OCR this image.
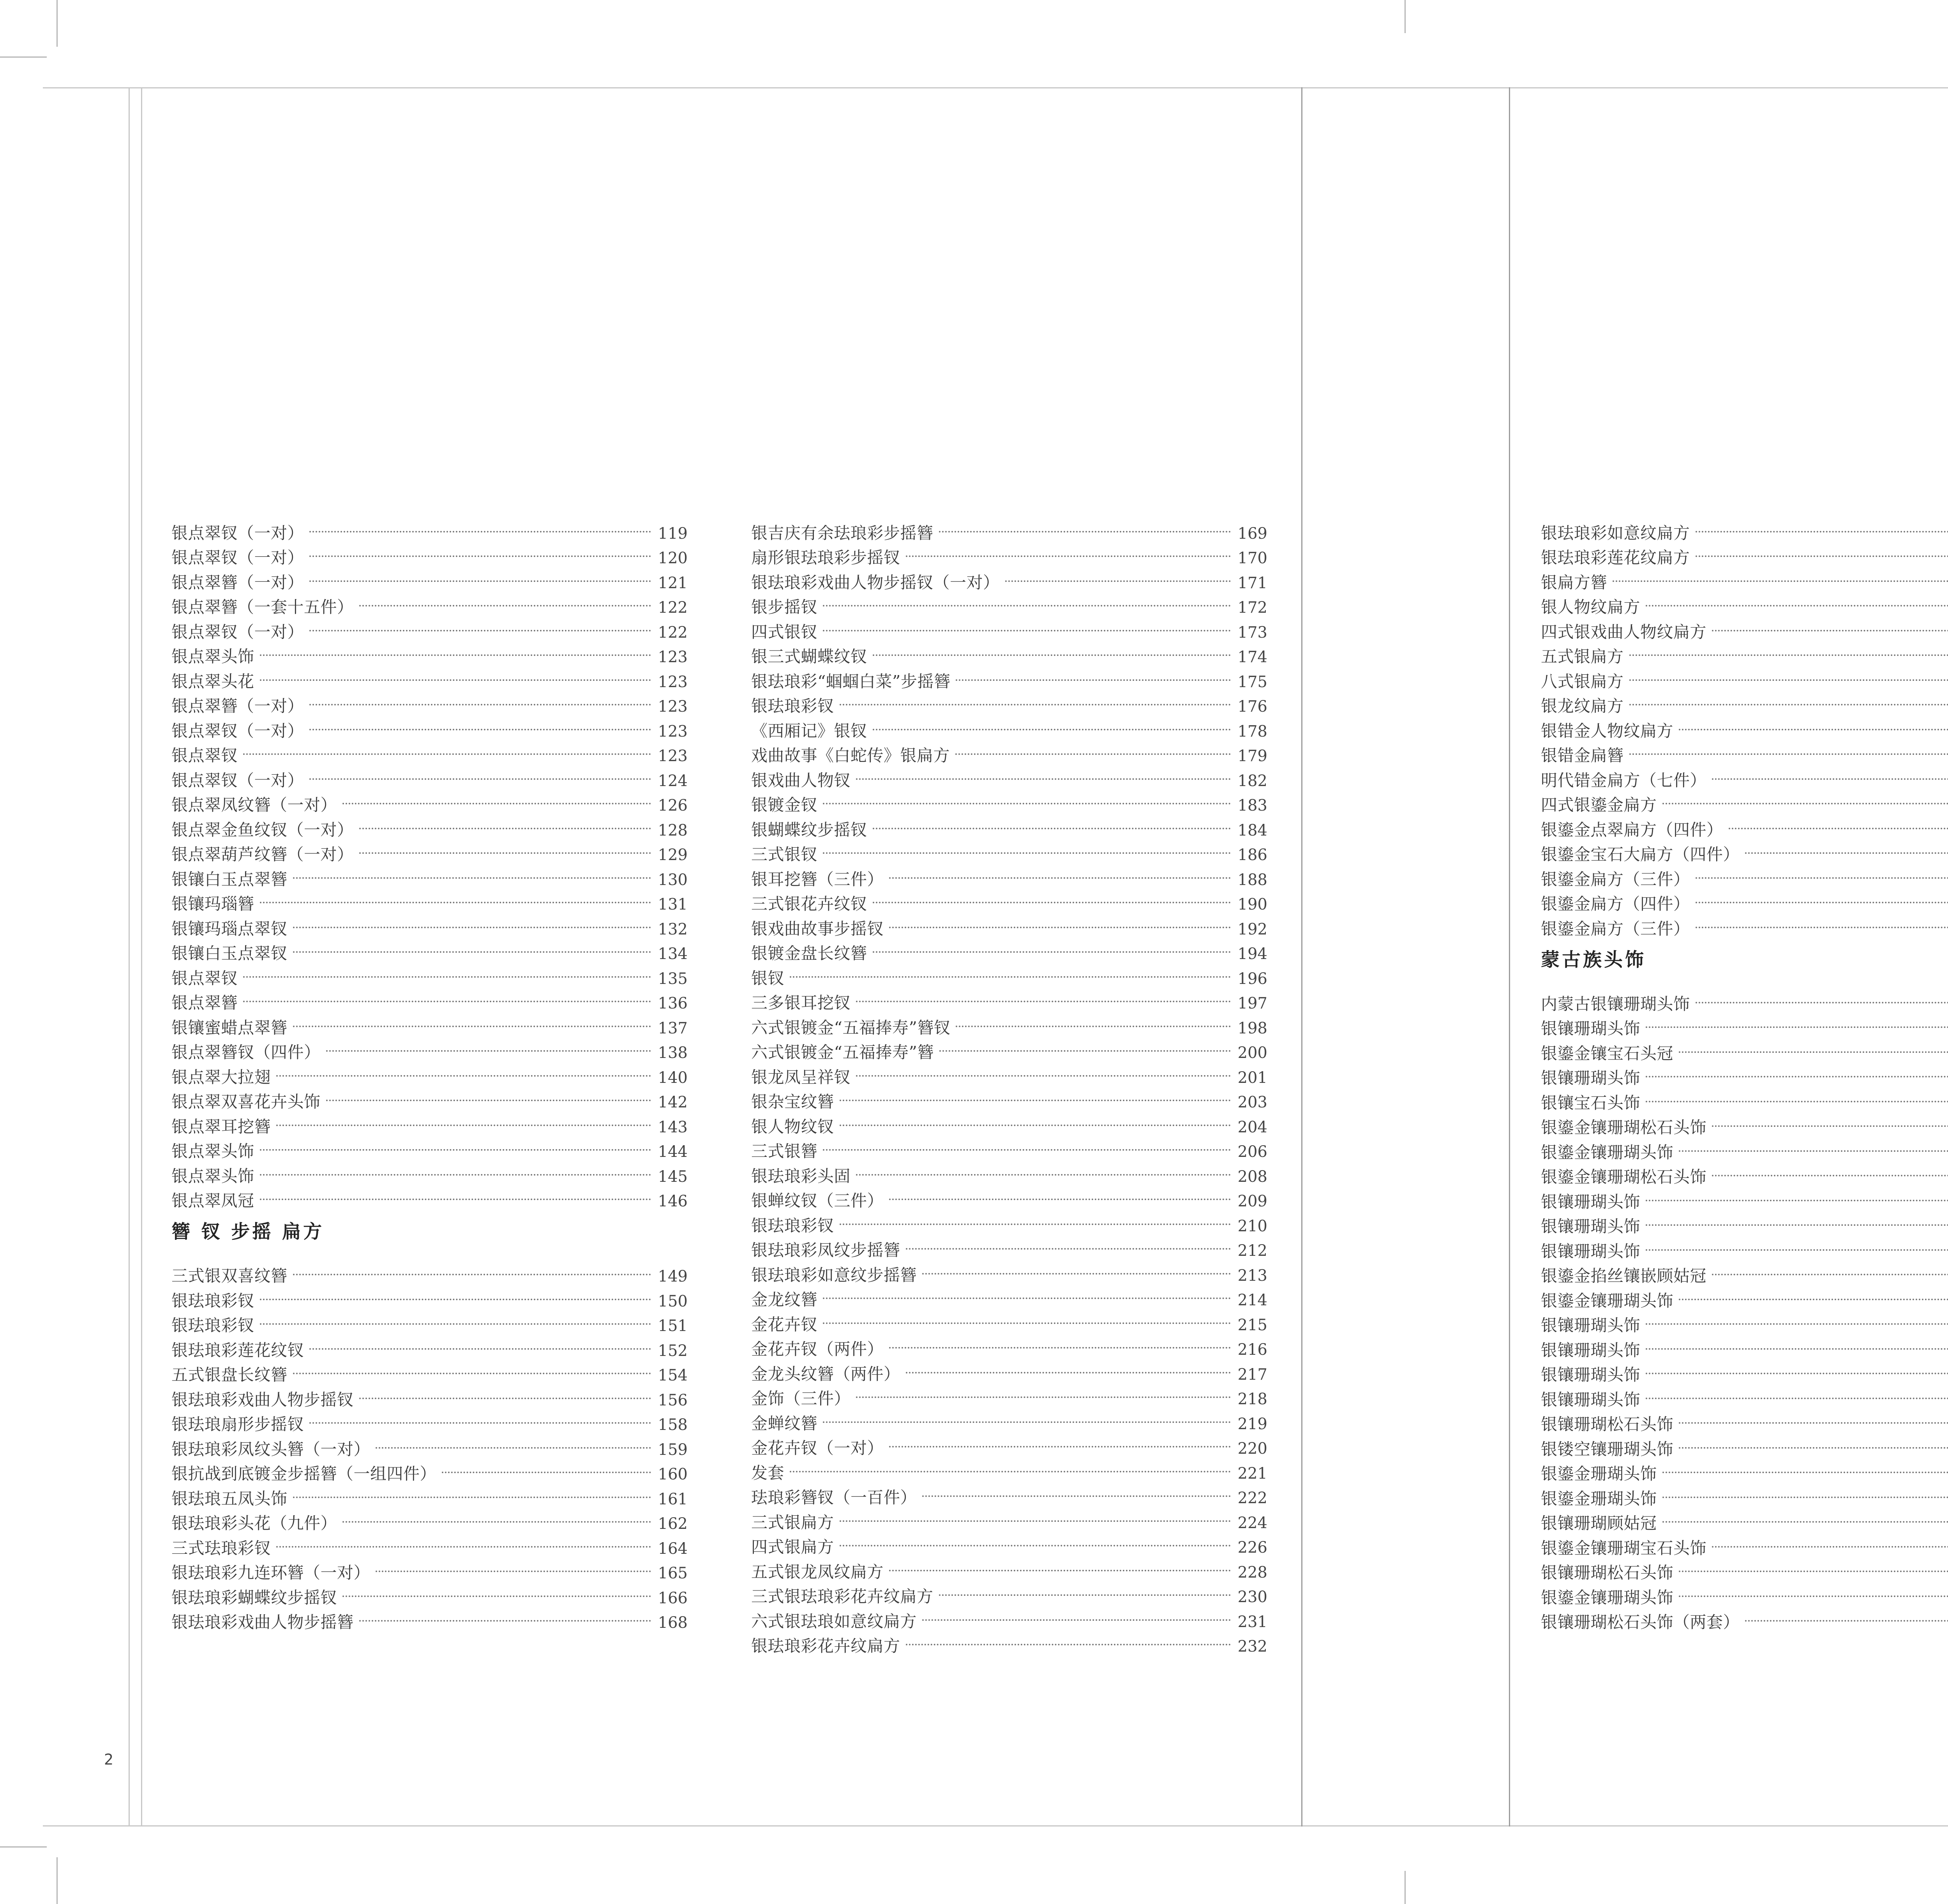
银点翠钗（一对）	119
银点翠钗（一对）	120
银点翠簪（一对）	121
银点翠簪（一套十五件）	122
银点翠钗（一对）	122
银点翠头饰	123
银点翠头花	123
银点翠簪（一对）	123
银点翠钗（一对）	123
银点翠钗	123
银点翠钗（一对）	124
银点翠凤纹簪（一对）	126
银点翠金鱼纹钗（一对）	128
银点翠葫芦纹簪（一对）	129
银镶白玉点翠簪	130
银镶玛瑙簪	131
银镶玛瑙点翠钗	132
银镶白玉点翠钗	134
银点翠钗	135
银点翠簪	136
银镶蜜蜡点翠簪	137
银点翠簪钗（四件）	138
银点翠大拉翅	140
银点翠双喜花卉头饰	142
银点翠耳挖簪	143
银点翠头饰	144
银点翠头饰	145
银点翠凤冠	146
簪 钗 步摇 扁方
三式银双喜纹簪	149
银珐琅彩钗	150
银珐琅彩钗	151
银珐琅彩莲花纹钗	152
五式银盘长纹簪	154
银珐琅彩戏曲人物步摇钗	156
银珐琅扇形步摇钗	158
银珐琅彩凤纹头簪（一对）	159
银抗战到底镀金步摇簪（一组四件）	160
银珐琅五凤头饰	161
银珐琅彩头花（九件）	162
三式珐琅彩钗	164
银珐琅彩九连环簪（一对）	165
银珐琅彩蝴蝶纹步摇钗	166
银珐琅彩戏曲人物步摇簪	168
银吉庆有余珐琅彩步摇簪	169
扇形银珐琅彩步摇钗	170
银珐琅彩戏曲人物步摇钗（一对）	171
银步摇钗	172
四式银钗	173
银三式蝴蝶纹钗	174
银珐琅彩“蝈蝈白菜”步摇簪	175
银珐琅彩钗	176
《西厢记》银钗	178
戏曲故事《白蛇传》银扁方	179
银戏曲人物钗	182
银镀金钗	183
银蝴蝶纹步摇钗	184
三式银钗	186
银耳挖簪（三件）	188
三式银花卉纹钗	190
银戏曲故事步摇钗	192
银镀金盘长纹簪	194
银钗	196
三多银耳挖钗	197
六式银镀金“五福捧寿”簪钗	198
六式银镀金“五福捧寿”簪	200
银龙凤呈祥钗	201
银杂宝纹簪	203
银人物纹钗	204
三式银簪	206
银珐琅彩头固	208
银蝉纹钗（三件）	209
银珐琅彩钗	210
银珐琅彩凤纹步摇簪	212
银珐琅彩如意纹步摇簪	213
金龙纹簪	214
金花卉钗	215
金花卉钗（两件）	216
金龙头纹簪（两件）	217
金饰（三件）	218
金蝉纹簪	219
金花卉钗（一对）	220
发套	221
珐琅彩簪钗（一百件）	222
三式银扁方	224
四式银扁方	226
五式银龙凤纹扁方	228
三式银珐琅彩花卉纹扁方	230
六式银珐琅如意纹扁方	231
银珐琅彩花卉纹扁方	232
银珐琅彩如意纹扁方
银珐琅彩莲花纹扁方
银扁方簪
银人物纹扁方
四式银戏曲人物纹扁方
五式银扁方
八式银扁方
银龙纹扁方
银错金人物纹扁方
银错金扁簪
明代错金扁方（七件）
四式银鎏金扁方
银鎏金点翠扁方（四件）
银鎏金宝石大扁方（四件）
银鎏金扁方（三件）
银鎏金扁方（四件）
银鎏金扁方（三件）
蒙古族头饰
内蒙古银镶珊瑚头饰
银镶珊瑚头饰
银鎏金镶宝石头冠
银镶珊瑚头饰
银镶宝石头饰
银鎏金镶珊瑚松石头饰
银鎏金镶珊瑚头饰
银鎏金镶珊瑚松石头饰
银镶珊瑚头饰
银镶珊瑚头饰
银镶珊瑚头饰
银鎏金掐丝镶嵌顾姑冠
银鎏金镶珊瑚头饰
银镶珊瑚头饰
银镶珊瑚头饰
银镶珊瑚头饰
银镶珊瑚头饰
银镶珊瑚松石头饰
银镂空镶珊瑚头饰
银鎏金珊瑚头饰
银鎏金珊瑚头饰
银镶珊瑚顾姑冠
银鎏金镶珊瑚宝石头饰
银镶珊瑚松石头饰
银鎏金镶珊瑚头饰
银镶珊瑚松石头饰（两套）
2
